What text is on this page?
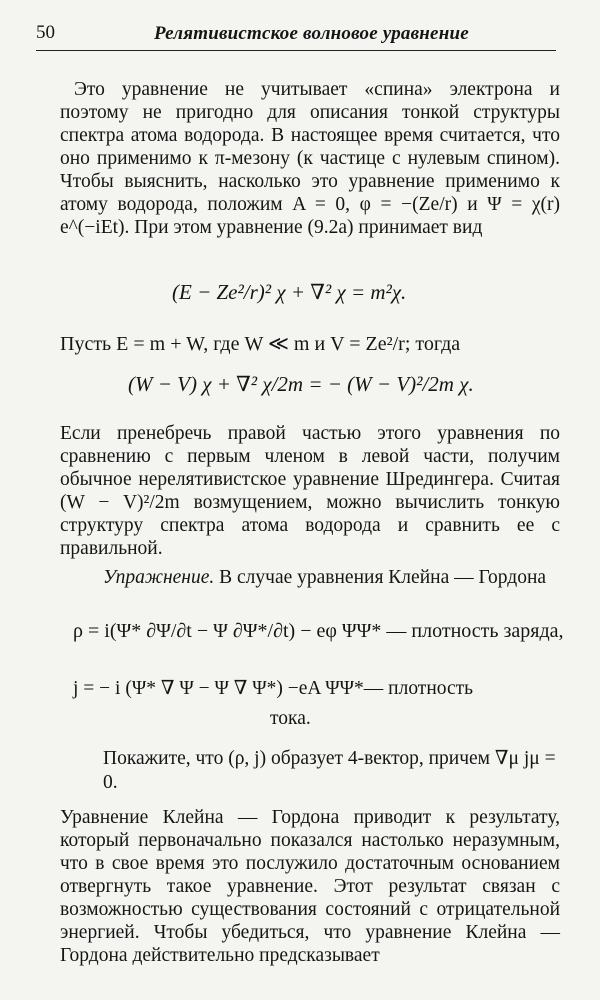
50	Релятивистское волновое уравнение
Это уравнение не учитывает «спина» электрона и поэтому не пригодно для описания тонкой структуры спектра атома водорода. В настоящее время считается, что оно применимо к π-мезону (к частице с нулевым спином). Чтобы выяснить, насколько это уравнение применимо к атому водорода, положим A = 0, φ = −(Ze/r) и Ψ = χ(r) e^(−iEt). При этом уравнение (9.2a) принимает вид
(E − Ze²/r)² χ + ∇² χ = m²χ.
Пусть E = m + W, где W ≪ m и V = Ze²/r; тогда
(W − V) χ + ∇² χ/2m = − (W − V)²/2m χ.
Если пренебречь правой частью этого уравнения по сравнению с первым членом в левой части, получим обычное нерелятивистское уравнение Шредингера. Считая (W − V)²/2m возмущением, можно вычислить тонкую структуру спектра атома водорода и сравнить ее с правильной.
Упражнение. В случае уравнения Клейна — Гордона
ρ = i(Ψ* ∂Ψ/∂t − Ψ ∂Ψ*/∂t) − eφ ΨΨ* — плотность заряда,
j = − i (Ψ* ∇ Ψ − Ψ ∇ Ψ*) −eA ΨΨ*— плотность
тока.
Покажите, что (ρ, j) образует 4-вектор, причем ∇μ jμ = 0.
Уравнение Клейна — Гордона приводит к результату, который первоначально показался настолько неразумным, что в свое время это послужило достаточным основанием отвергнуть такое уравнение. Этот результат связан с возможностью существования состояний с отрицательной энергией. Чтобы убедиться, что уравнение Клейна — Гордона действительно предсказывает
